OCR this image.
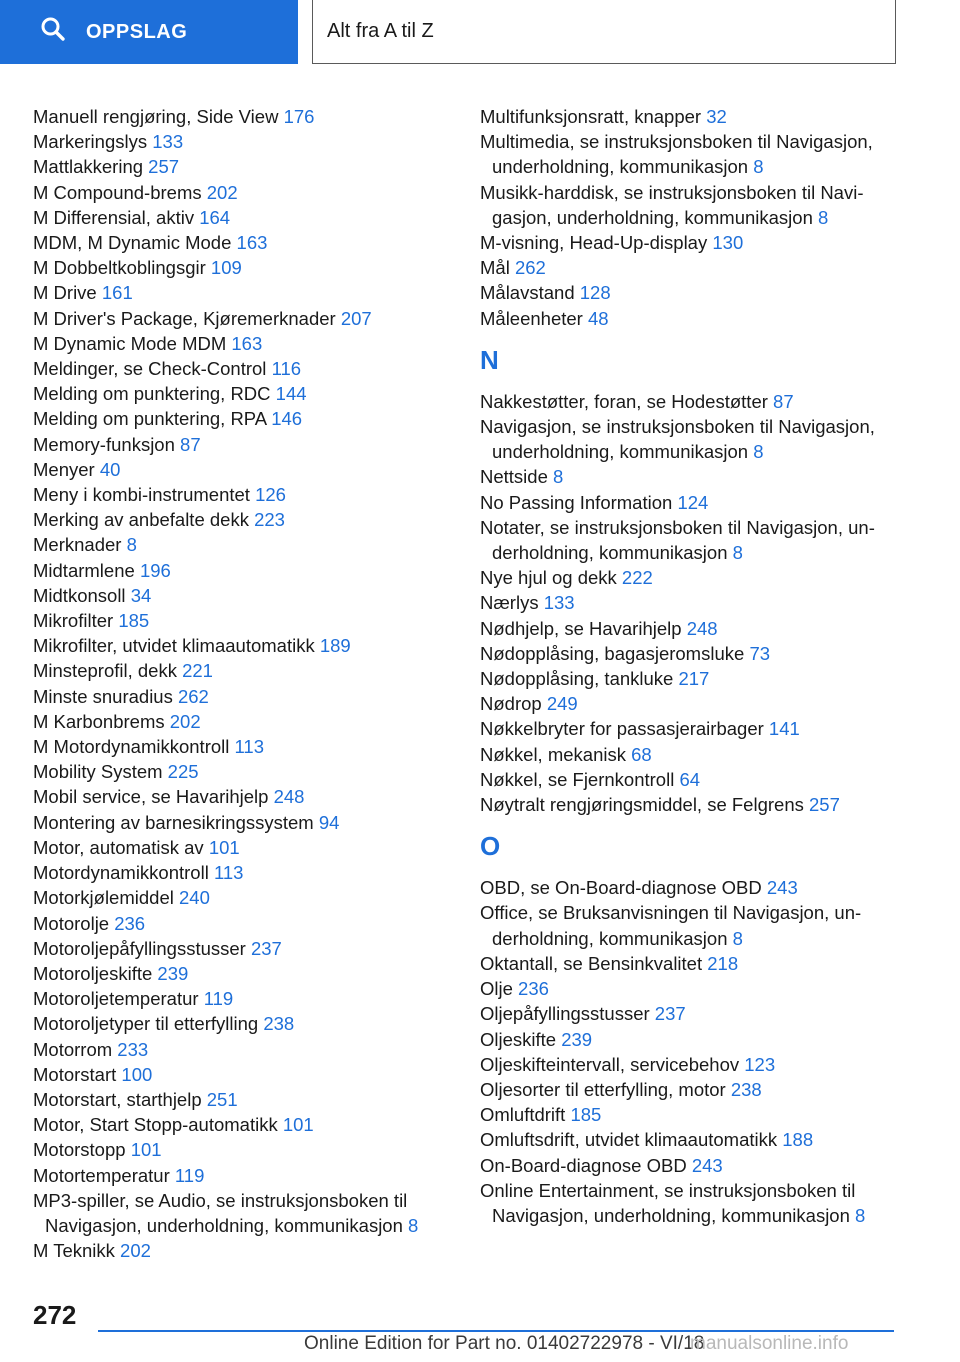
OPPSLAG	Alt fra A til Z
Manuell rengjøring, Side View 176
Markeringslys 133
Mattlakkering 257
M Compound-brems 202
M Differensial, aktiv 164
MDM, M Dynamic Mode 163
M Dobbeltkoblingsgir 109
M Drive 161
M Driver's Package, Kjøremerknader 207
M Dynamic Mode MDM 163
Meldinger, se Check-Control 116
Melding om punktering, RDC 144
Melding om punktering, RPA 146
Memory-funksjon 87
Menyer 40
Meny i kombi-instrumentet 126
Merking av anbefalte dekk 223
Merknader 8
Midtarmlene 196
Midtkonsoll 34
Mikrofilter 185
Mikrofilter, utvidet klimaautomatikk 189
Minsteprofil, dekk 221
Minste snuradius 262
M Karbonbrems 202
M Motordynamikkontroll 113
Mobility System 225
Mobil service, se Havarihjelp 248
Montering av barnesikringssystem 94
Motor, automatisk av 101
Motordynamikkontroll 113
Motorkjølemiddel 240
Motorolje 236
Motoroljepåfyllingsstusser 237
Motoroljeskifte 239
Motoroljetemperatur 119
Motoroljetyper til etterfylling 238
Motorrom 233
Motorstart 100
Motorstart, starthjelp 251
Motor, Start Stopp-automatikk 101
Motorstopp 101
Motortemperatur 119
MP3-spiller, se Audio, se instruksjonsboken til Navigasjon, underholdning, kommunikasjon 8
M Teknikk 202
Multifunksjonsratt, knapper 32
Multimedia, se instruksjonsboken til Navigasjon, underholdning, kommunikasjon 8
Musikk-harddisk, se instruksjonsboken til Navi-gasjon, underholdning, kommunikasjon 8
M-visning, Head-Up-display 130
Mål 262
Målavstand 128
Måleenheter 48
N
Nakkestøtter, foran, se Hodestøtter 87
Navigasjon, se instruksjonsboken til Navigasjon, underholdning, kommunikasjon 8
Nettside 8
No Passing Information 124
Notater, se instruksjonsboken til Navigasjon, un-derholdning, kommunikasjon 8
Nye hjul og dekk 222
Nærlys 133
Nødhjelp, se Havarihjelp 248
Nødopplåsing, bagasjeromsluke 73
Nødopplåsing, tankluke 217
Nødrop 249
Nøkkelbryter for passasjerairbager 141
Nøkkel, mekanisk 68
Nøkkel, se Fjernkontroll 64
Nøytralt rengjøringsmiddel, se Felgrens 257
O
OBD, se On-Board-diagnose OBD 243
Office, se Bruksanvisningen til Navigasjon, un-derholdning, kommunikasjon 8
Oktantall, se Bensinkvalitet 218
Olje 236
Oljepåfyllingsstusser 237
Oljeskifte 239
Oljeskifteintervall, servicebehov 123
Oljesorter til etterfylling, motor 238
Omluftdrift 185
Omluftsdrift, utvidet klimaautomatikk 188
On-Board-diagnose OBD 243
Online Entertainment, se instruksjonsboken til Navigasjon, underholdning, kommunikasjon 8
272
Online Edition for Part no. 01402722978 - VI/18
manualsonline.info
